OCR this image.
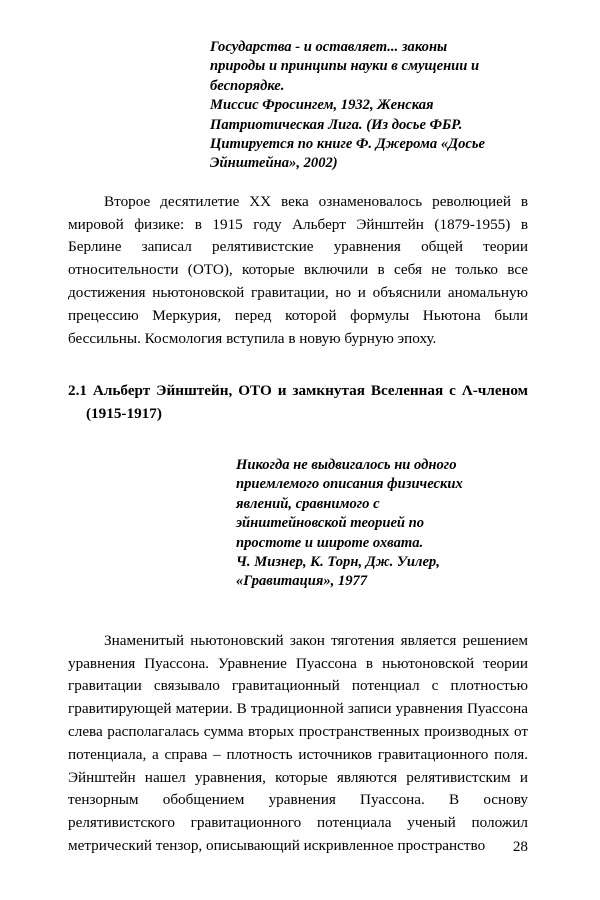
Государства - и оставляет... законы

природы и принципы науки в смущении и

беспорядке.

Миссис Фросингем, 1932, Женская

Патриотическая Лига. (Из досье ФБР.

Цитируется по книге Ф. Джерома «Досье

Эйнштейна», 2002)

Второе десятилетие XX века ознаменовалось революцией в мировой физике: в 1915 году Альберт Эйнштейн (1879-1955) в Берлине записал релятивистские уравнения общей теории относительности (ОТО), которые включили в себя не только все достижения ньютоновской гравитации, но и объяснили аномальную прецессию Меркурия, перед которой формулы Ньютона были бессильны. Космология вступила в новую бурную эпоху.

2.1 Альберт Эйнштейн, ОТО и замкнутая Вселенная с Λ-членом (1915-1917)

Никогда не выдвигалось ни одного

приемлемого описания физических

явлений, сравнимого с

эйнштейновской теорией по

простоте и широте охвата.

Ч. Мизнер, К. Торн, Дж. Уилер,

«Гравитация», 1977

Знаменитый ньютоновский закон тяготения является решением уравнения Пуассона. Уравнение Пуассона в ньютоновской теории гравитации связывало гравитационный потенциал с плотностью гравитирующей материи. В традиционной записи уравнения Пуассона слева располагалась сумма вторых пространственных производных от потенциала, а справа – плотность источников гравитационного поля. Эйнштейн нашел уравнения, которые являются релятивистским и тензорным обобщением уравнения Пуассона. В основу релятивистского гравитационного потенциала ученый положил метрический тензор, описывающий искривленное пространство	28
